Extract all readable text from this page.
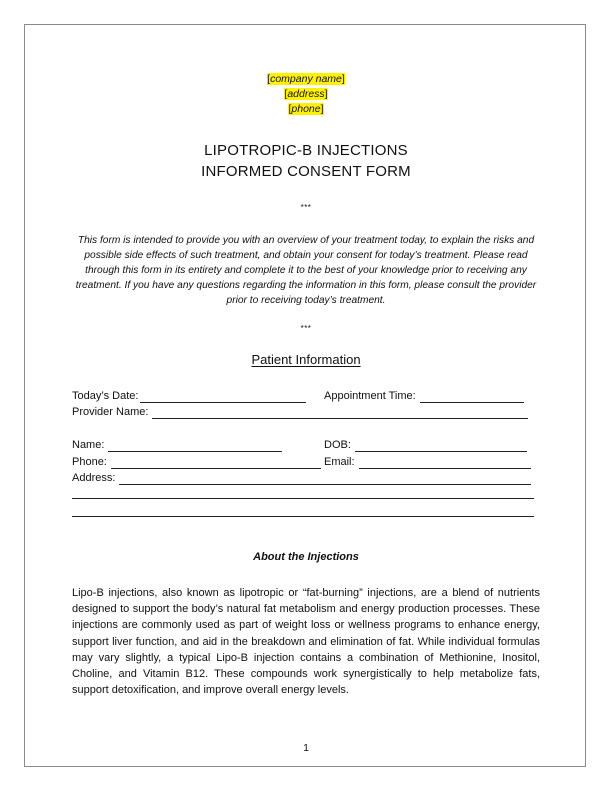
[company name]
[address]
[phone]
LIPOTROPIC-B INJECTIONS
INFORMED CONSENT FORM
***
This form is intended to provide you with an overview of your treatment today, to explain the risks and possible side effects of such treatment, and obtain your consent for today’s treatment. Please read through this form in its entirety and complete it to the best of your knowledge prior to receiving any treatment. If you have any questions regarding the information in this form, please consult the provider prior to receiving today’s treatment.
***
Patient Information
Today’s Date:	Appointment Time:
Provider Name:
Name:	DOB:
Phone:	Email:
Address:
About the Injections
Lipo-B injections, also known as lipotropic or “fat-burning” injections, are a blend of nutrients designed to support the body’s natural fat metabolism and energy production processes. These injections are commonly used as part of weight loss or wellness programs to enhance energy, support liver function, and aid in the breakdown and elimination of fat. While individual formulas may vary slightly, a typical Lipo-B injection contains a combination of Methionine, Inositol, Choline, and Vitamin B12. These compounds work synergistically to help metabolize fats, support detoxification, and improve overall energy levels.
1
